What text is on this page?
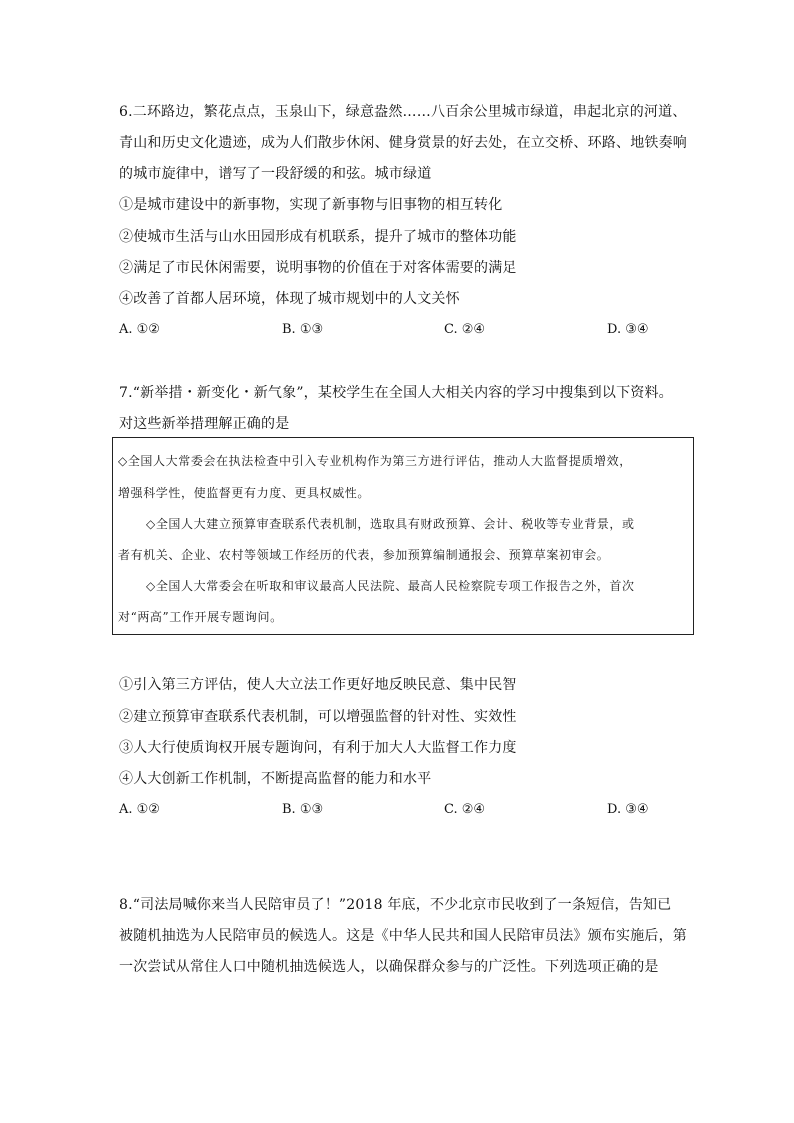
6.二环路边，繁花点点，玉泉山下，绿意盎然……八百余公里城市绿道，串起北京的河道、
青山和历史文化遗迹，成为人们散步休闲、健身赏景的好去处，在立交桥、环路、地铁奏响
的城市旋律中，谱写了一段舒缓的和弦。城市绿道
①是城市建设中的新事物，实现了新事物与旧事物的相互转化
②使城市生活与山水田园形成有机联系，提升了城市的整体功能
②满足了市民休闲需要，说明事物的价值在于对客体需要的满足
④改善了首都人居环境，体现了城市规划中的人文关怀
A. ①②	B. ①③	C. ②④	D. ③④
7.“新举措・新变化・新气象”，某校学生在全国人大相关内容的学习中搜集到以下资料。
对这些新举措理解正确的是
◇全国人大常委会在执法检查中引入专业机构作为第三方进行评估，推动人大监督提质增效，
增强科学性，使监督更有力度、更具权威性。
◇全国人大建立预算审查联系代表机制，选取具有财政预算、会计、税收等专业背景，或
者有机关、企业、农村等领域工作经历的代表，参加预算编制通报会、预算草案初审会。
◇全国人大常委会在听取和审议最高人民法院、最高人民检察院专项工作报告之外，首次
对“两高”工作开展专题询问。
①引入第三方评估，使人大立法工作更好地反映民意、集中民智
②建立预算审查联系代表机制，可以增强监督的针对性、实效性
③人大行使质询权开展专题询问，有利于加大人大监督工作力度
④人大创新工作机制，不断提高监督的能力和水平
A. ①②	B. ①③	C. ②④	D. ③④
8.“司法局喊你来当人民陪审员了！”2018 年底，不少北京市民收到了一条短信，告知已
被随机抽选为人民陪审员的候选人。这是《中华人民共和国人民陪审员法》颁布实施后，第
一次尝试从常住人口中随机抽选候选人，以确保群众参与的广泛性。下列选项正确的是
